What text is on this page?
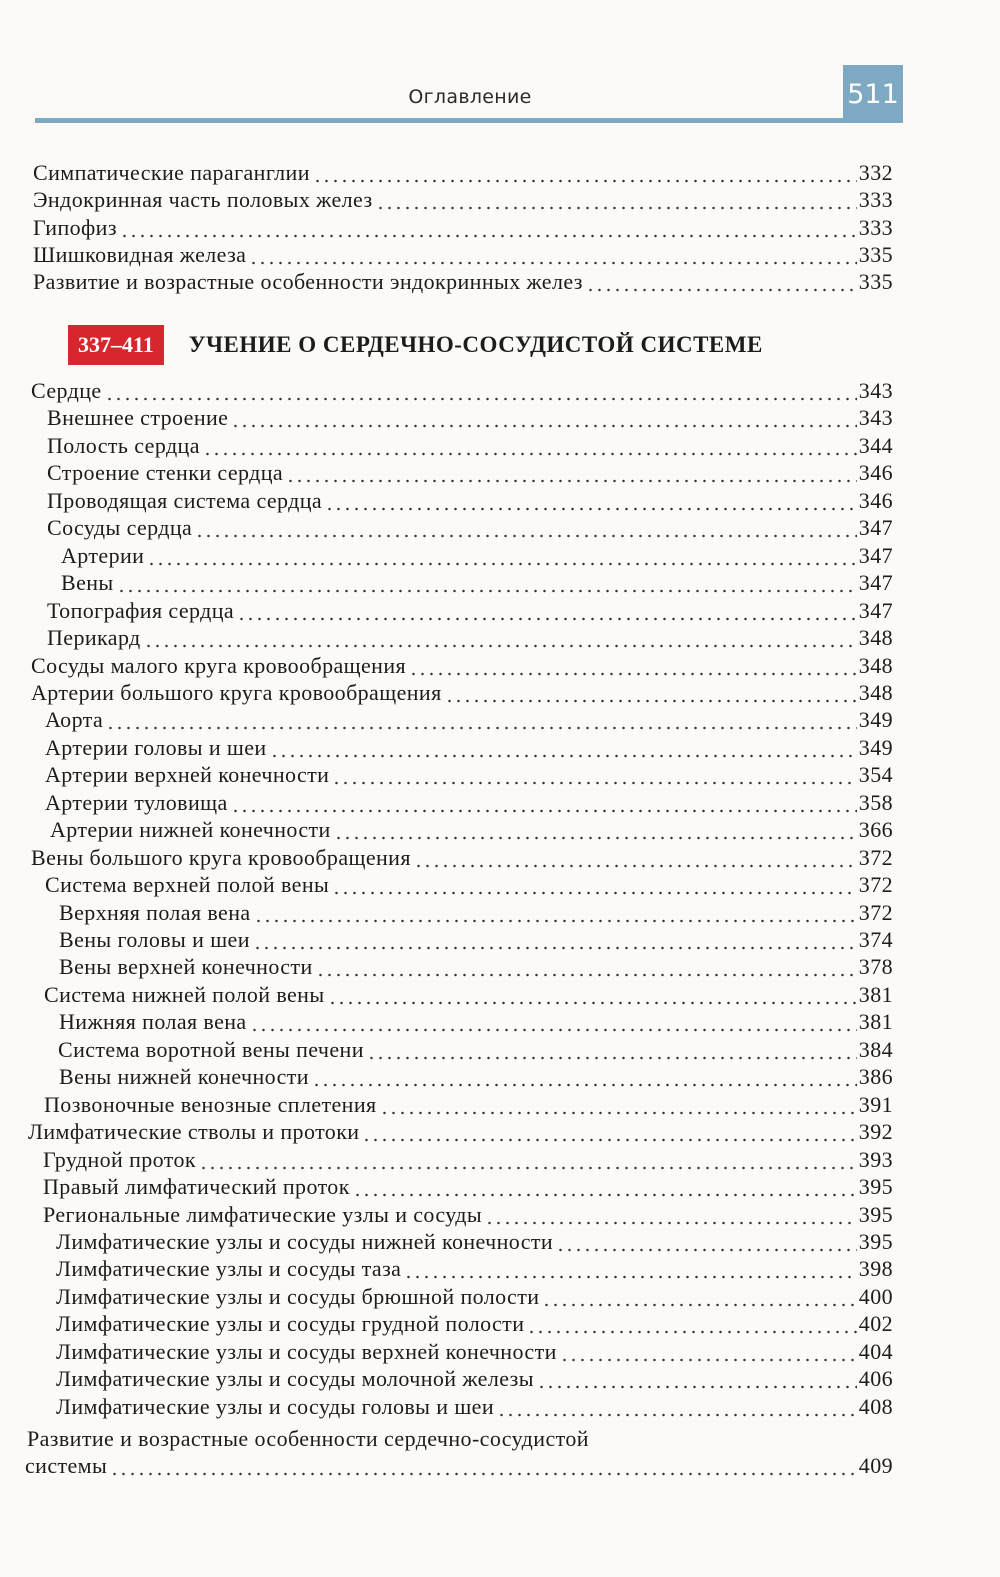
Оглавление	511
Симпатические параганглии	332
Эндокринная часть половых желез	333
Гипофиз	333
Шишковидная железа	335
Развитие и возрастные особенности эндокринных желез	335
337–411	УЧЕНИЕ О СЕРДЕЧНО-СОСУДИСТОЙ СИСТЕМЕ
Сердце	343
Внешнее строение	343
Полость сердца	344
Строение стенки сердца	346
Проводящая система сердца	346
Сосуды сердца	347
Артерии	347
Вены	347
Топография сердца	347
Перикард	348
Сосуды малого круга кровообращения	348
Артерии большого круга кровообращения	348
Аорта	349
Артерии головы и шеи	349
Артерии верхней конечности	354
Артерии туловища	358
Артерии нижней конечности	366
Вены большого круга кровообращения	372
Система верхней полой вены	372
Верхняя полая вена	372
Вены головы и шеи	374
Вены верхней конечности	378
Система нижней полой вены	381
Нижняя полая вена	381
Система воротной вены печени	384
Вены нижней конечности	386
Позвоночные венозные сплетения	391
Лимфатические стволы и протоки	392
Грудной проток	393
Правый лимфатический проток	395
Региональные лимфатические узлы и сосуды	395
Лимфатические узлы и сосуды нижней конечности	395
Лимфатические узлы и сосуды таза	398
Лимфатические узлы и сосуды брюшной полости	400
Лимфатические узлы и сосуды грудной полости	402
Лимфатические узлы и сосуды верхней конечности	404
Лимфатические узлы и сосуды молочной железы	406
Лимфатические узлы и сосуды головы и шеи	408
Развитие и возрастные особенности сердечно-сосудистой
системы	409
